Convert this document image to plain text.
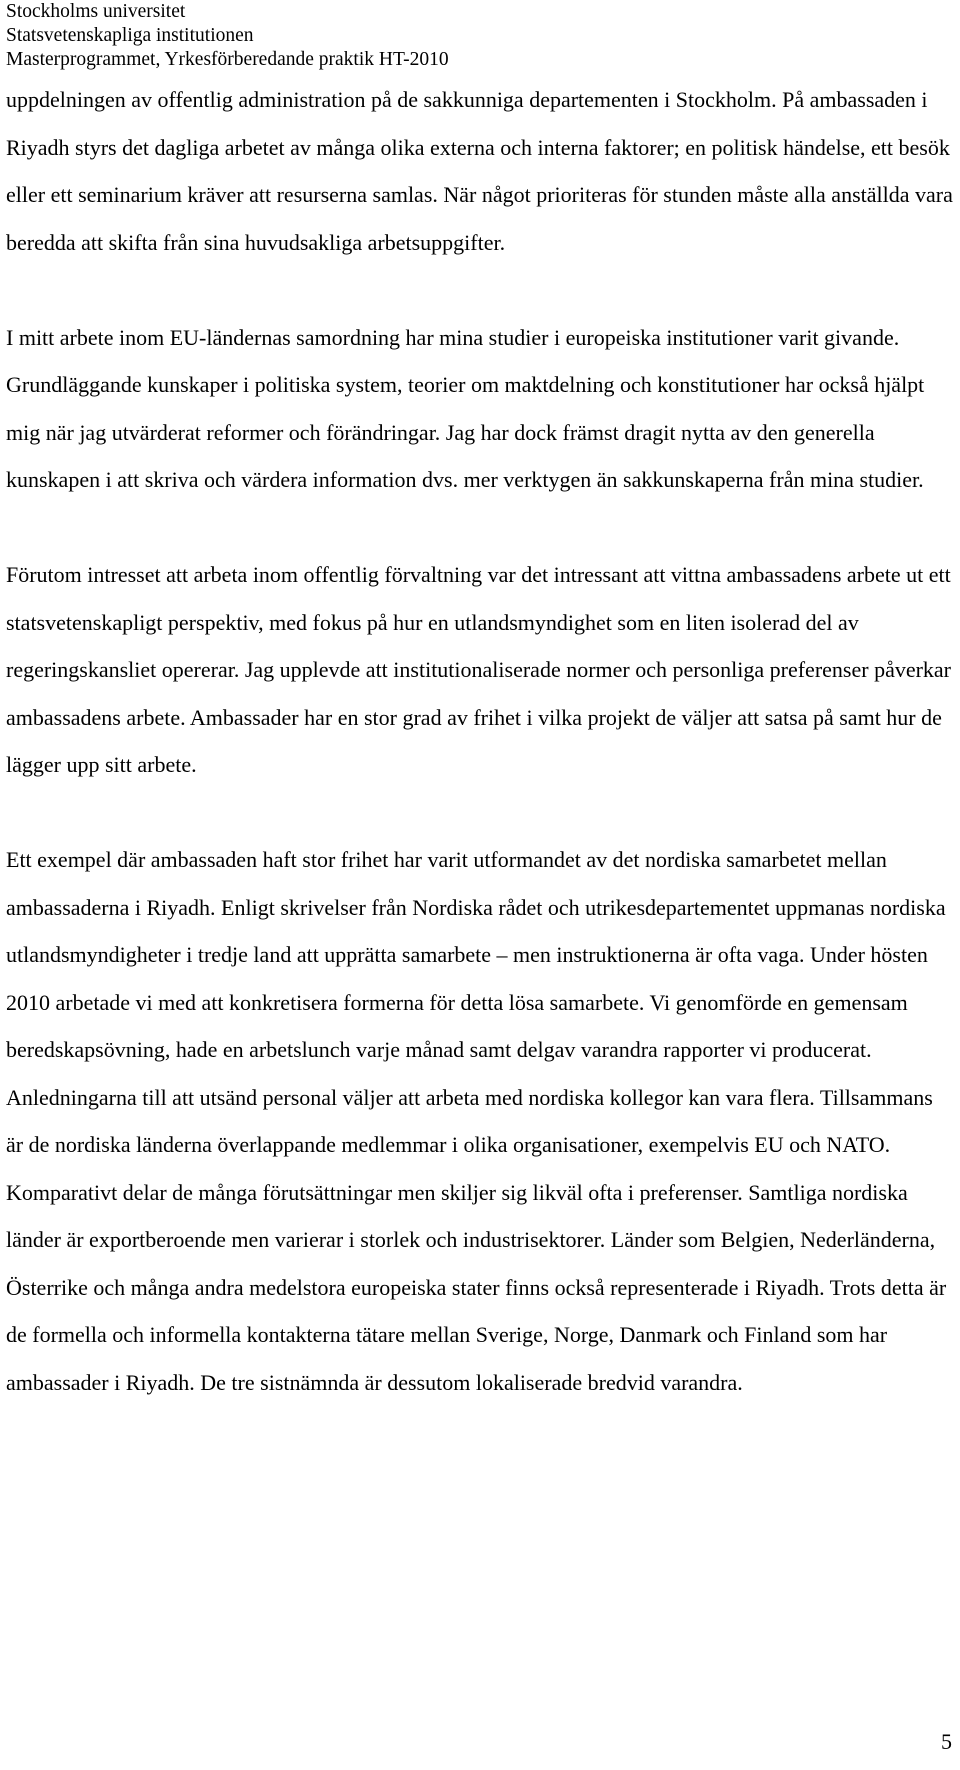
Stockholms universitet
Statsvetenskapliga institutionen
Masterprogrammet, Yrkesförberedande praktik HT-2010

uppdelningen av offentlig administration på de sakkunniga departementen i Stockholm. På ambassaden i Riyadh styrs det dagliga arbetet av många olika externa och interna faktorer; en politisk händelse, ett besök eller ett seminarium kräver att resurserna samlas. När något prioriteras för stunden måste alla anställda vara beredda att skifta från sina huvudsakliga arbetsuppgifter.

I mitt arbete inom EU-ländernas samordning har mina studier i europeiska institutioner varit givande. Grundläggande kunskaper i politiska system, teorier om maktdelning och konstitutioner har också hjälpt mig när jag utvärderat reformer och förändringar. Jag har dock främst dragit nytta av den generella kunskapen i att skriva och värdera information dvs. mer verktygen än sakkunskaperna från mina studier.

Förutom intresset att arbeta inom offentlig förvaltning var det intressant att vittna ambassadens arbete ut ett statsvetenskapligt perspektiv, med fokus på hur en utlandsmyndighet som en liten isolerad del av regeringskansliet opererar. Jag upplevde att institutionaliserade normer och personliga preferenser påverkar ambassadens arbete. Ambassader har en stor grad av frihet i vilka projekt de väljer att satsa på samt hur de lägger upp sitt arbete.

Ett exempel där ambassaden haft stor frihet har varit utformandet av det nordiska samarbetet mellan ambassaderna i Riyadh. Enligt skrivelser från Nordiska rådet och utrikesdepartementet uppmanas nordiska utlandsmyndigheter i tredje land att upprätta samarbete – men instruktionerna är ofta vaga. Under hösten 2010 arbetade vi med att konkretisera formerna för detta lösa samarbete. Vi genomförde en gemensam beredskapsövning, hade en arbetslunch varje månad samt delgav varandra rapporter vi producerat. Anledningarna till att utsänd personal väljer att arbeta med nordiska kollegor kan vara flera. Tillsammans är de nordiska länderna överlappande medlemmar i olika organisationer, exempelvis EU och NATO. Komparativt delar de många förutsättningar men skiljer sig likväl ofta i preferenser. Samtliga nordiska länder är exportberoende men varierar i storlek och industrisektorer. Länder som Belgien, Nederländerna, Österrike och många andra medelstora europeiska stater finns också representerade i Riyadh. Trots detta är de formella och informella kontakterna tätare mellan Sverige, Norge, Danmark och Finland som har ambassader i Riyadh. De tre sistnämnda är dessutom lokaliserade bredvid varandra.

5
